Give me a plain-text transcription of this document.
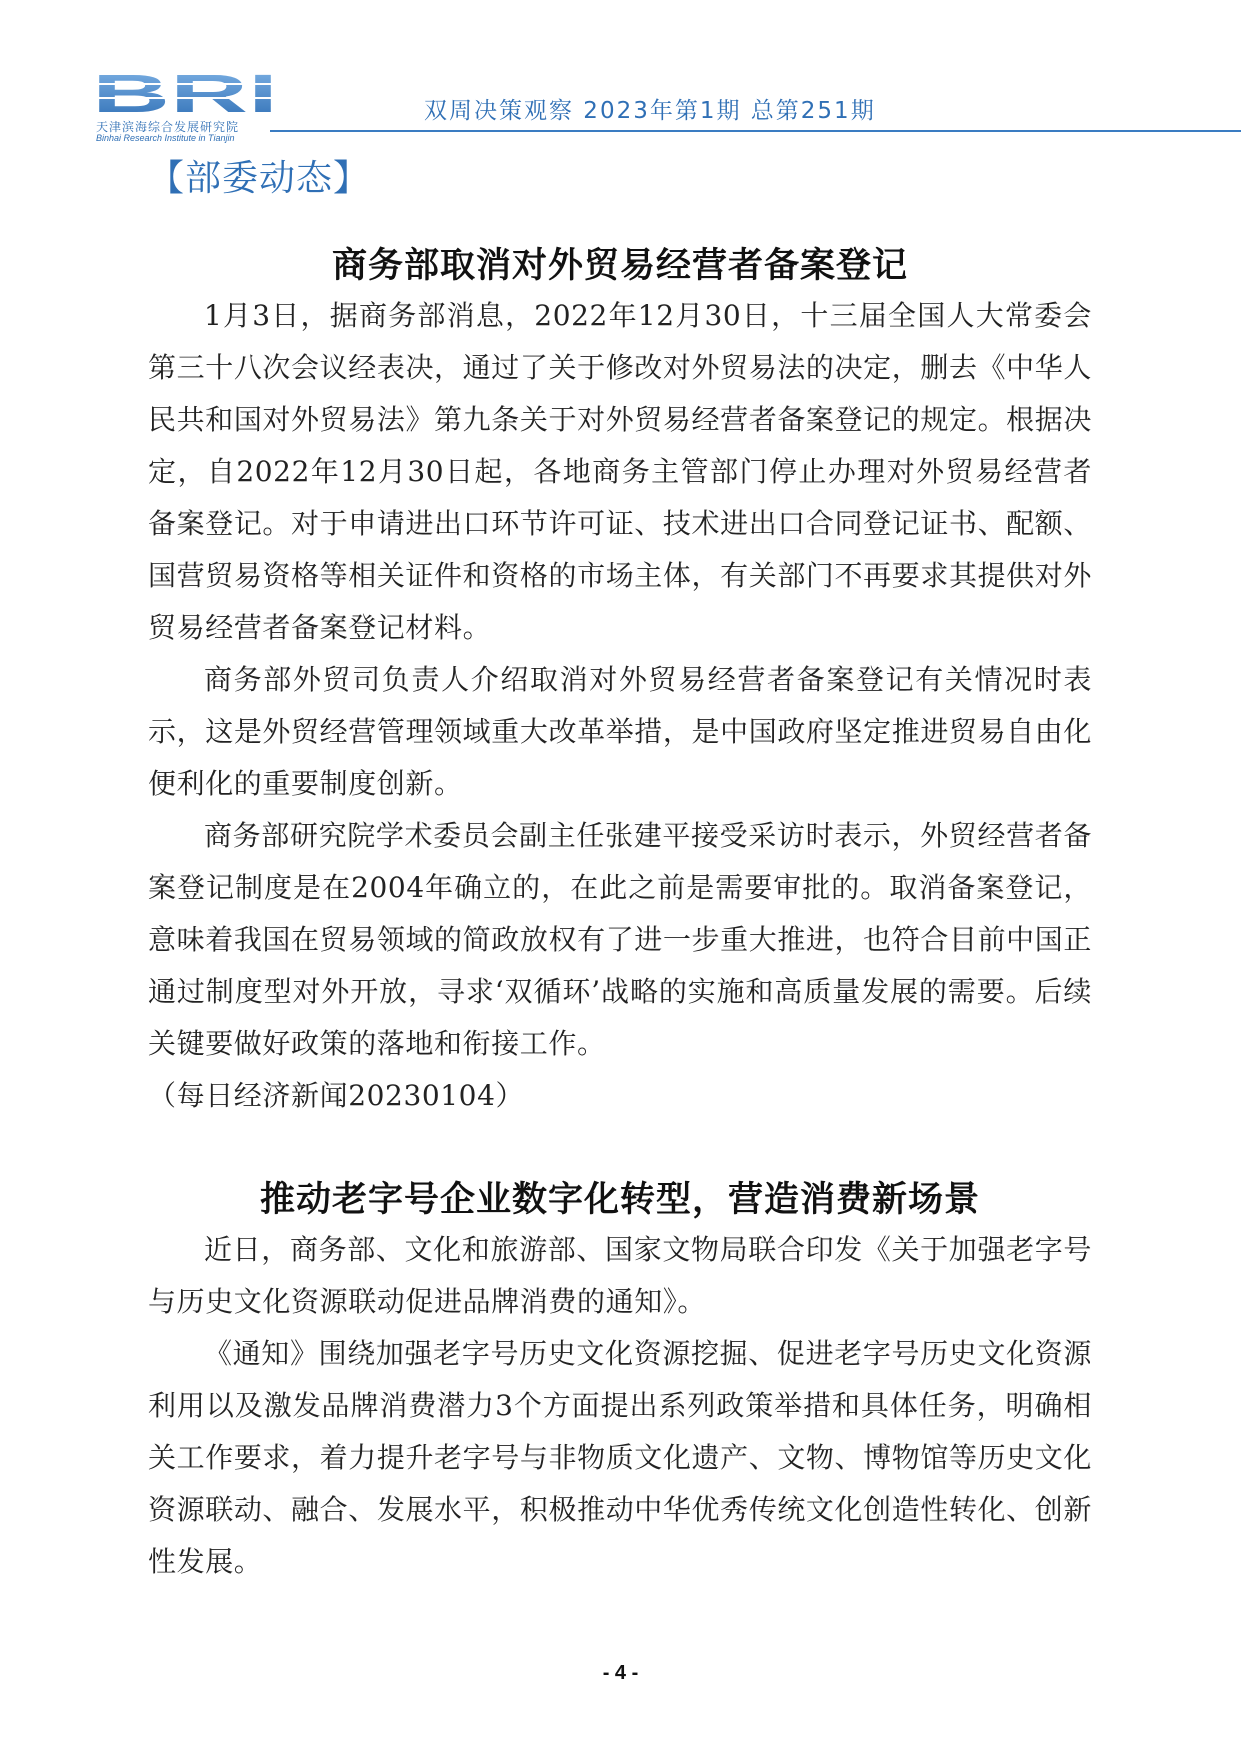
BRI
天津滨海综合发展研究院
Binhai Research Institute in Tianjin
双周决策观察 2023年第1期 总第251期
【部委动态】
商务部取消对外贸易经营者备案登记

1月3日，据商务部消息，2022年12月30日，十三届全国人大常委会第三十八次会议经表决，通过了关于修改对外贸易法的决定，删去《中华人民共和国对外贸易法》第九条关于对外贸易经营者备案登记的规定。根据决定，自2022年12月30日起，各地商务主管部门停止办理对外贸易经营者备案登记。对于申请进出口环节许可证、技术进出口合同登记证书、配额、国营贸易资格等相关证件和资格的市场主体，有关部门不再要求其提供对外贸易经营者备案登记材料。

商务部外贸司负责人介绍取消对外贸易经营者备案登记有关情况时表示，这是外贸经营管理领域重大改革举措，是中国政府坚定推进贸易自由化便利化的重要制度创新。

商务部研究院学术委员会副主任张建平接受采访时表示，外贸经营者备案登记制度是在2004年确立的，在此之前是需要审批的。取消备案登记，意味着我国在贸易领域的简政放权有了进一步重大推进，也符合目前中国正通过制度型对外开放，寻求‘双循环’战略的实施和高质量发展的需要。后续关键要做好政策的落地和衔接工作。

（每日经济新闻20230104）

推动老字号企业数字化转型，营造消费新场景

近日，商务部、文化和旅游部、国家文物局联合印发《关于加强老字号与历史文化资源联动促进品牌消费的通知》。

《通知》围绕加强老字号历史文化资源挖掘、促进老字号历史文化资源利用以及激发品牌消费潜力3个方面提出系列政策举措和具体任务，明确相关工作要求，着力提升老字号与非物质文化遗产、文物、博物馆等历史文化资源联动、融合、发展水平，积极推动中华优秀传统文化创造性转化、创新性发展。

- 4 -
